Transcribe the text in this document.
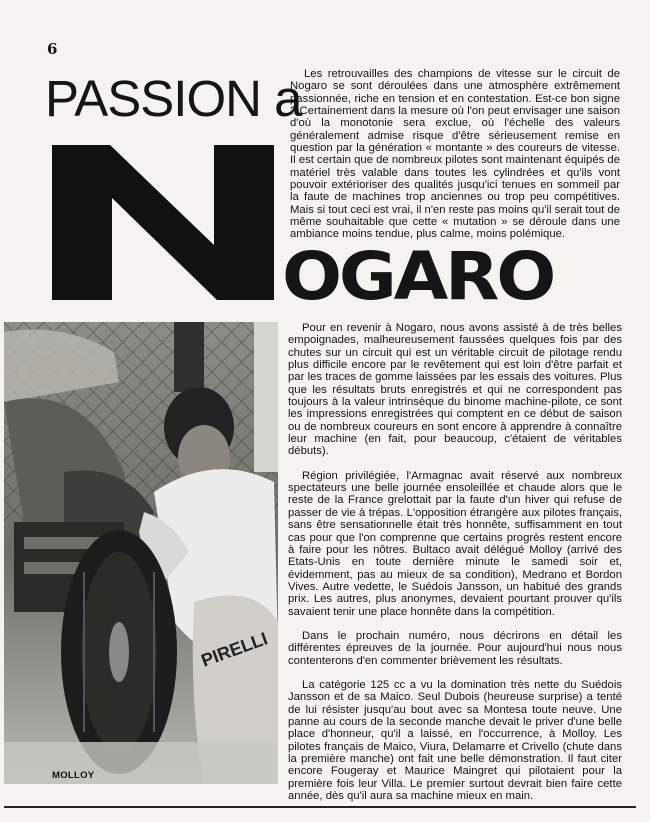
6
PASSION a
OGARO

Les retrouvailles des champions de vitesse sur le circuit de Nogaro se sont déroulées dans une atmosphère extrêmement passionnée, riche en tension et en contestation. Est-ce bon signe ? Certainement dans la mesure où l'on peut envisager une saison d'où la monotonie sera exclue, où l'échelle des valeurs généralement admise risque d'être sérieusement remise en question par la génération « montante » des coureurs de vitesse. Il est certain que de nombreux pilotes sont maintenant équipés de matériel très valable dans toutes les cylindrées et qu'ils vont pouvoir extérioriser des qualités jusqu'ici tenues en sommeil par la faute de machines trop anciennes ou trop peu compétitives. Mais si tout ceci est vrai, il n'en reste pas moins qu'il serait tout de même souhaitable que cette « mutation » se déroule dans une ambiance moins tendue, plus calme, moins polémique.

PIRELLI
MOLLOY

Pour en revenir à Nogaro, nous avons assisté à de très belles empoignades, malheureusement faussées quelques fois par des chutes sur un circuit qui est un véritable circuit de pilotage rendu plus difficile encore par le revêtement qui est loin d'être parfait et par les traces de gomme laissées par les essais des voitures. Plus que les résultats bruts enregistrés et qui ne correspondent pas toujours à la valeur intrinsèque du binome machine-pilote, ce sont les impressions enregistrées qui comptent en ce début de saison ou de nombreux coureurs en sont encore à apprendre à connaître leur machine (en fait, pour beaucoup, c'étaient de véritables débuts).

Région privilégiée, l'Armagnac avait réservé aux nombreux spectateurs une belle journée ensoleillée et chaude alors que le reste de la France grelottait par la faute d'un hiver qui refuse de passer de vie à trépas. L'opposition étrangère aux pilotes français, sans être sensationnelle était très honnête, suffisamment en tout cas pour que l'on comprenne que certains progrès restent encore à faire pour les nôtres. Bultaco avait délégué Molloy (arrivé des Etats-Unis en toute dernière minute le samedi soir et, évidemment, pas au mieux de sa condition), Medrano et Bordon Vives. Autre vedette, le Suédois Jansson, un habitué des grands prix. Les autres, plus anonymes, devaient pourtant prouver qu'ils savaient tenir une place honnête dans la compétition.

Dans le prochain numéro, nous décrirons en détail les différentes épreuves de la journée. Pour aujourd'hui nous nous contenterons d'en commenter brièvement les résultats.

La catégorie 125 cc a vu la domination très nette du Suédois Jansson et de sa Maico. Seul Dubois (heureuse surprise) a tenté de lui résister jusqu'au bout avec sa Montesa toute neuve. Une panne au cours de la seconde manche devait le priver d'une belle place d'honneur, qu'il a laissé, en l'occurrence, à Molloy. Les pilotes français de Maico, Viura, Delamarre et Crivello (chute dans la première manche) ont fait une belle démonstration. Il faut citer encore Fougeray et Maurice Maingret qui pilotaient pour la première fois leur Villa. Le premier surtout devrait bien faire cette année, dès qu'il aura sa machine mieux en main.
